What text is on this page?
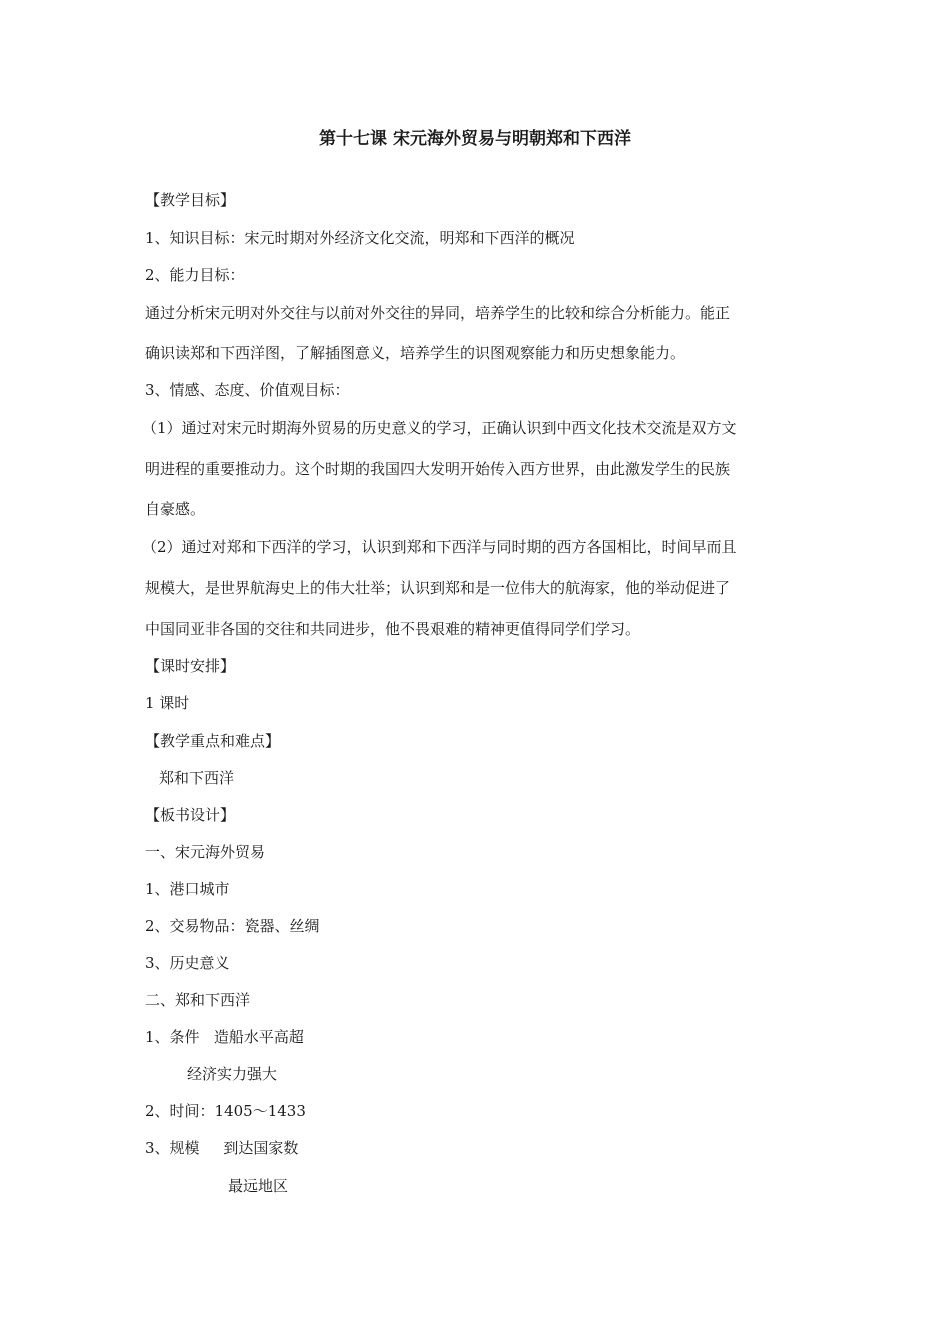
第十七课 宋元海外贸易与明朝郑和下西洋
【教学目标】
1、知识目标：宋元时期对外经济文化交流，明郑和下西洋的概况
2、能力目标：
通过分析宋元明对外交往与以前对外交往的异同，培养学生的比较和综合分析能力。能正
确识读郑和下西洋图，了解插图意义，培养学生的识图观察能力和历史想象能力。
3、情感、态度、价值观目标：
（1）通过对宋元时期海外贸易的历史意义的学习，正确认识到中西文化技术交流是双方文
明进程的重要推动力。这个时期的我国四大发明开始传入西方世界，由此激发学生的民族
自豪感。
（2）通过对郑和下西洋的学习，认识到郑和下西洋与同时期的西方各国相比，时间早而且
规模大，是世界航海史上的伟大壮举；认识到郑和是一位伟大的航海家，他的举动促进了
中国同亚非各国的交往和共同进步，他不畏艰难的精神更值得同学们学习。
【课时安排】
1 课时
【教学重点和难点】
郑和下西洋
【板书设计】
一、宋元海外贸易
1、港口城市
2、交易物品：瓷器、丝绸
3、历史意义
二、郑和下西洋
1、条件   造船水平高超
经济实力强大
2、时间：1405～1433
3、规模     到达国家数
最远地区
